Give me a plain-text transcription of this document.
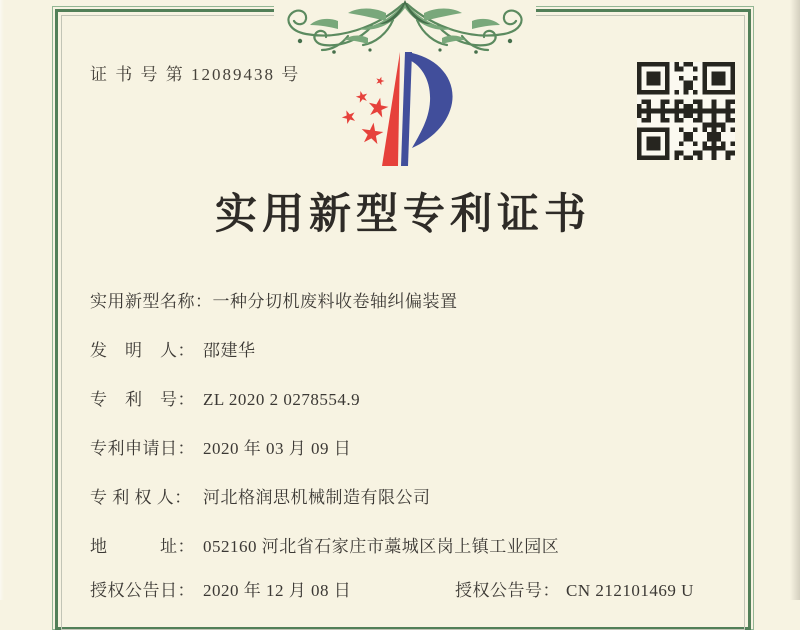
证 书 号 第 12089438 号
实用新型专利证书
实用新型名称：一种分切机废料收卷轴纠偏装置
发　明　人： 邵建华
专　利　号： ZL 2020 2 0278554.9
专利申请日： 2020 年 03 月 09 日
专 利 权 人： 河北格润思机械制造有限公司
地　　　址： 052160 河北省石家庄市藁城区岗上镇工业园区
授权公告日： 2020 年 12 月 08 日	授权公告号： CN 212101469 U
